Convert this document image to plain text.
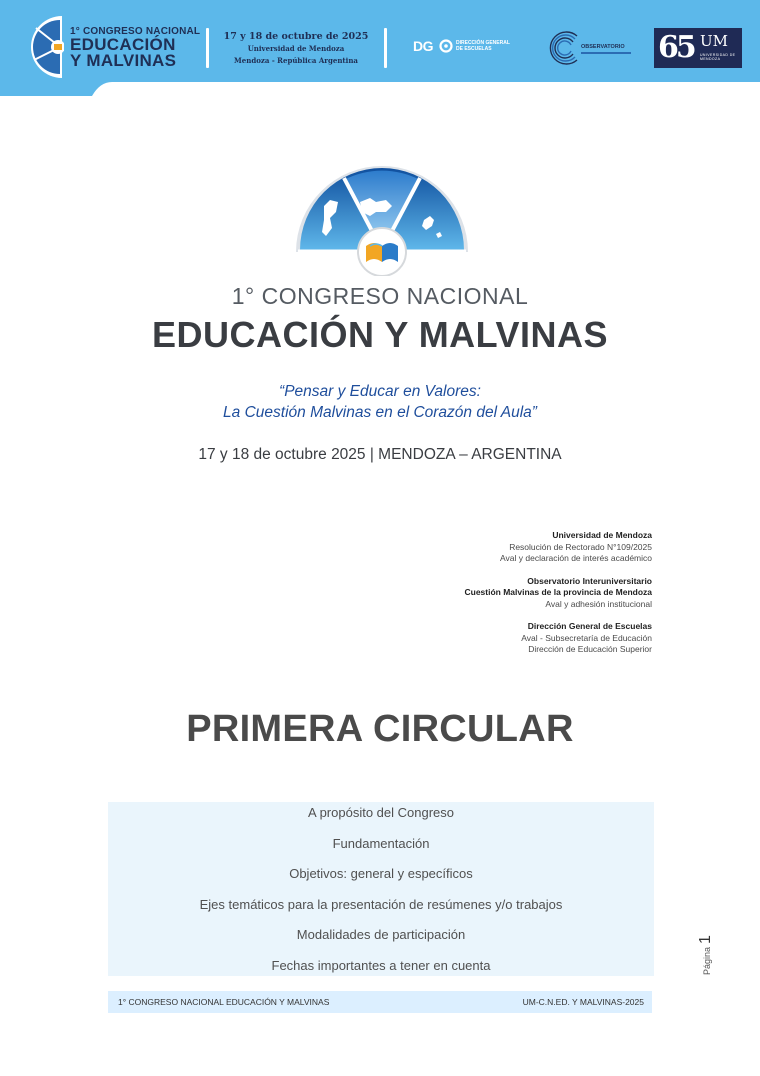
1° CONGRESO NACIONAL
EDUCACIÓN
Y MALVINAS
17 y 18 de octubre de 2025
Universidad de Mendoza
Mendoza - República Argentina
DG	DIRECCIÓN GENERAL
DE ESCUELAS	OBSERVATORIO 65 UM
UNIVERSIDAD DE MENDOZA
1° CONGRESO NACIONAL
EDUCACIÓN Y MALVINAS
“Pensar y Educar en Valores:
La Cuestión Malvinas en el Corazón del Aula”
17 y 18 de octubre 2025 | MENDOZA – ARGENTINA
Universidad de Mendoza
Resolución de Rectorado N°109/2025
Aval y declaración de interés académico
Observatorio Interuniversitario
Cuestión Malvinas de la provincia de Mendoza
Aval y adhesión institucional
Dirección General de Escuelas
Aval - Subsecretaría de Educación
Dirección de Educación Superior
PRIMERA CIRCULAR
A propósito del Congreso
Fundamentación
Objetivos: general y específicos
Ejes temáticos para la presentación de resúmenes y/o trabajos
Modalidades de participación
Fechas importantes a tener en cuenta	Página1
1° CONGRESO NACIONAL EDUCACIÓN Y MALVINAS	UM-C.N.ED. Y MALVINAS-2025
